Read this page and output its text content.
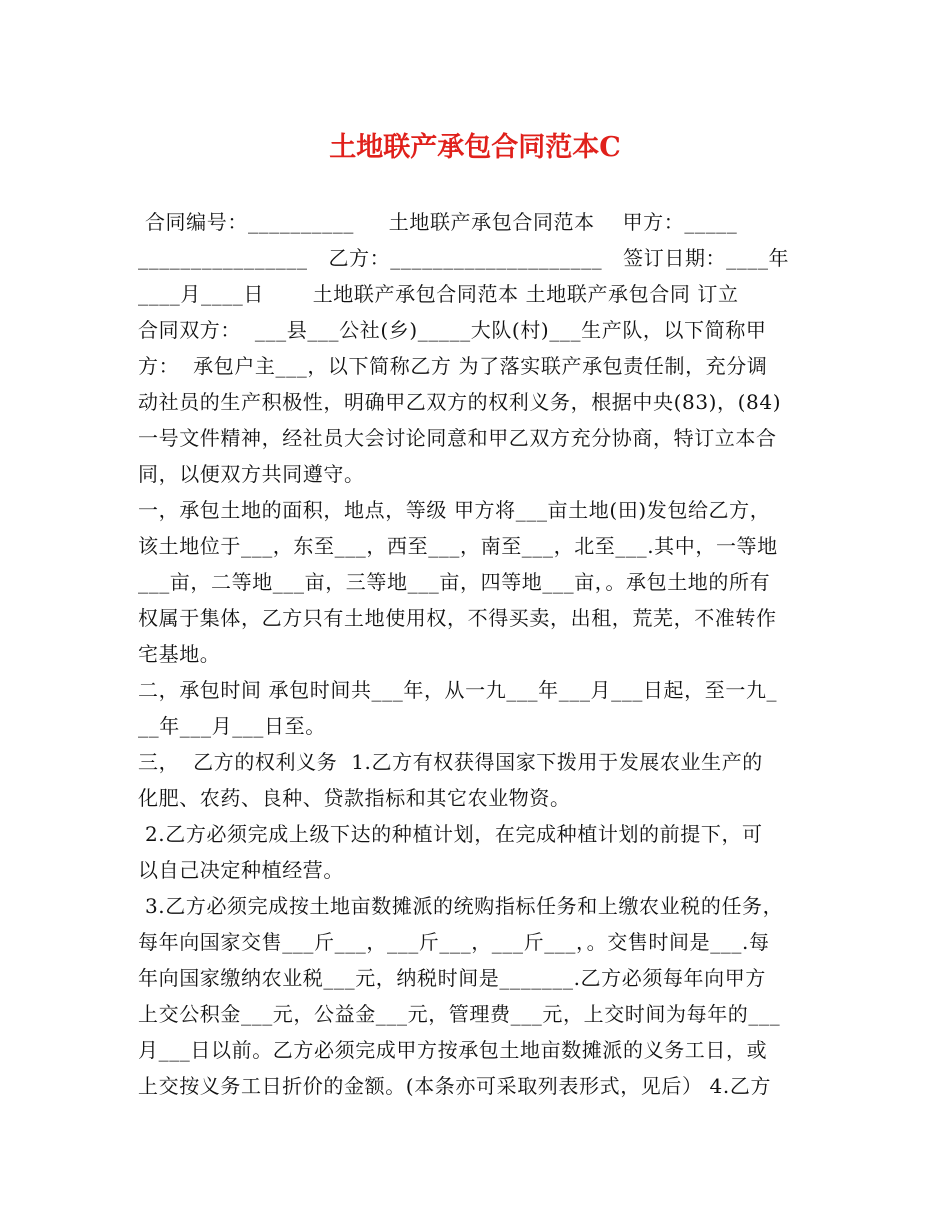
土地联产承包合同范本C
合同编号：__________     土地联产承包合同范本    甲方：_____
________________   乙方：____________________   签订日期：____年
____月____日       土地联产承包合同范本 土地联产承包合同 订立
合同双方：  ___县___公社(乡)_____大队(村)___生产队，以下简称甲
方：  承包户主___，以下简称乙方 为了落实联产承包责任制，充分调
动社员的生产积极性，明确甲乙双方的权利义务，根据中央(83)，(84)
一号文件精神，经社员大会讨论同意和甲乙双方充分协商，特订立本合
同，以便双方共同遵守。
一，承包土地的面积，地点，等级 甲方将___亩土地(田)发包给乙方，
该土地位于___，东至___，西至___，南至___，北至___.其中，一等地
___亩，二等地___亩，三等地___亩，四等地___亩，。承包土地的所有
权属于集体，乙方只有土地使用权，不得买卖，出租，荒芜，不准转作
宅基地。
二，承包时间 承包时间共___年，从一九___年___月___日起，至一九_
__年___月___日至。
三，  乙方的权利义务  1.乙方有权获得国家下拨用于发展农业生产的
化肥、农药、良种、贷款指标和其它农业物资。
2.乙方必须完成上级下达的种植计划，在完成种植计划的前提下，可
以自己决定种植经营。
3.乙方必须完成按土地亩数摊派的统购指标任务和上缴农业税的任务，
每年向国家交售___斤___，___斤___，___斤___，。交售时间是___.每
年向国家缴纳农业税___元，纳税时间是_______.乙方必须每年向甲方
上交公积金___元，公益金___元，管理费___元，上交时间为每年的___
月___日以前。乙方必须完成甲方按承包土地亩数摊派的义务工日，或
上交按义务工日折价的金额。(本条亦可采取列表形式，见后） 4.乙方
